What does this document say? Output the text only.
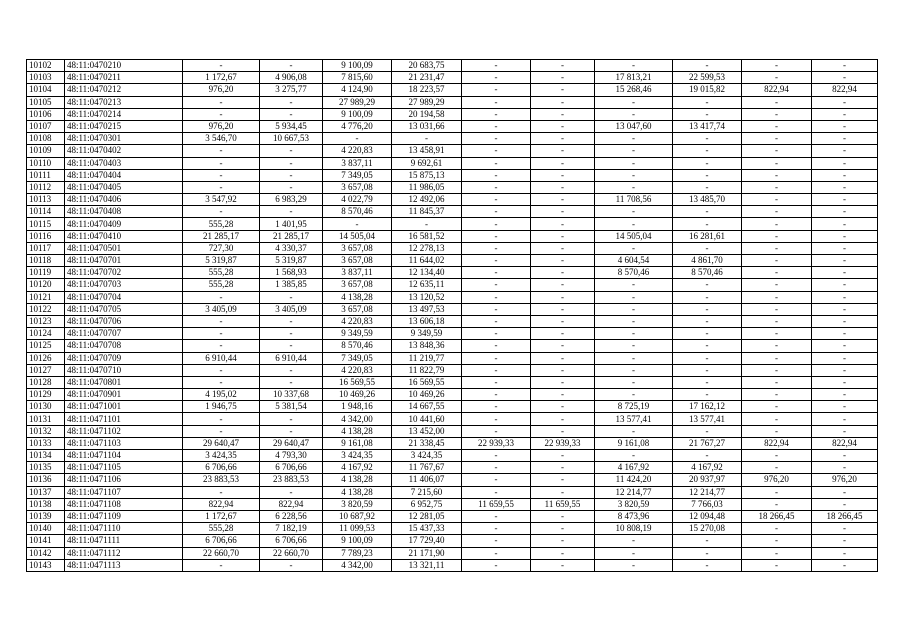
10102	48:11:0470210	-	-	9 100,09	20 683,75	-	-	-	-	-	-
10103	48:11:0470211	1 172,67	4 906,08	7 815,60	21 231,47	-	-	17 813,21	22 599,53	-	-
10104	48:11:0470212	976,20	3 275,77	4 124,90	18 223,57	-	-	15 268,46	19 015,82	822,94	822,94
10105	48:11:0470213	-	-	27 989,29	27 989,29	-	-	-	-	-	-
10106	48:11:0470214	-	-	9 100,09	20 194,58	-	-	-	-	-	-
10107	48:11:0470215	976,20	5 934,45	4 776,20	13 031,66	-	-	13 047,60	13 417,74	-	-
10108	48:11:0470301	3 546,70	10 667,53	-	-	-	-	-	-	-	-
10109	48:11:0470402	-	-	4 220,83	13 458,91	-	-	-	-	-	-
10110	48:11:0470403	-	-	3 837,11	9 692,61	-	-	-	-	-	-
10111	48:11:0470404	-	-	7 349,05	15 875,13	-	-	-	-	-	-
10112	48:11:0470405	-	-	3 657,08	11 986,05	-	-	-	-	-	-
10113	48:11:0470406	3 547,92	6 983,29	4 022,79	12 492,06	-	-	11 708,56	13 485,70	-	-
10114	48:11:0470408	-	-	8 570,46	11 845,37	-	-	-	-	-	-
10115	48:11:0470409	555,28	1 401,95	-	-	-	-	-	-	-	-
10116	48:11:0470410	21 285,17	21 285,17	14 505,04	16 581,52	-	-	14 505,04	16 281,61	-	-
10117	48:11:0470501	727,30	4 330,37	3 657,08	12 278,13	-	-	-	-	-	-
10118	48:11:0470701	5 319,87	5 319,87	3 657,08	11 644,02	-	-	4 604,54	4 861,70	-	-
10119	48:11:0470702	555,28	1 568,93	3 837,11	12 134,40	-	-	8 570,46	8 570,46	-	-
10120	48:11:0470703	555,28	1 385,85	3 657,08	12 635,11	-	-	-	-	-	-
10121	48:11:0470704	-	-	4 138,28	13 120,52	-	-	-	-	-	-
10122	48:11:0470705	3 405,09	3 405,09	3 657,08	13 497,53	-	-	-	-	-	-
10123	48:11:0470706	-	-	4 220,83	13 606,18	-	-	-	-	-	-
10124	48:11:0470707	-	-	9 349,59	9 349,59	-	-	-	-	-	-
10125	48:11:0470708	-	-	8 570,46	13 848,36	-	-	-	-	-	-
10126	48:11:0470709	6 910,44	6 910,44	7 349,05	11 219,77	-	-	-	-	-	-
10127	48:11:0470710	-	-	4 220,83	11 822,79	-	-	-	-	-	-
10128	48:11:0470801	-	-	16 569,55	16 569,55	-	-	-	-	-	-
10129	48:11:0470901	4 195,02	10 337,68	10 469,26	10 469,26	-	-	-	-	-	-
10130	48:11:0471001	1 946,75	5 381,54	1 948,16	14 667,55	-	-	8 725,19	17 162,12	-	-
10131	48:11:0471101	-	-	4 342,00	10 441,60	-	-	13 577,41	13 577,41	-	-
10132	48:11:0471102	-	-	4 138,28	13 452,00	-	-	-	-	-	-
10133	48:11:0471103	29 640,47	29 640,47	9 161,08	21 338,45	22 939,33	22 939,33	9 161,08	21 767,27	822,94	822,94
10134	48:11:0471104	3 424,35	4 793,30	3 424,35	3 424,35	-	-	-	-	-	-
10135	48:11:0471105	6 706,66	6 706,66	4 167,92	11 767,67	-	-	4 167,92	4 167,92	-	-
10136	48:11:0471106	23 883,53	23 883,53	4 138,28	11 406,07	-	-	11 424,20	20 937,97	976,20	976,20
10137	48:11:0471107	-	-	4 138,28	7 215,60	-	-	12 214,77	12 214,77	-	-
10138	48:11:0471108	822,94	822,94	3 820,59	6 952,75	11 659,55	11 659,55	3 820,59	7 766,03	-	-
10139	48:11:0471109	1 172,67	6 228,56	10 687,92	12 281,05	-	-	8 473,96	12 094,48	18 266,45	18 266,45
10140	48:11:0471110	555,28	7 182,19	11 099,53	15 437,33	-	-	10 808,19	15 270,08	-	-
10141	48:11:0471111	6 706,66	6 706,66	9 100,09	17 729,40	-	-	-	-	-	-
10142	48:11:0471112	22 660,70	22 660,70	7 789,23	21 171,90	-	-	-	-	-	-
10143	48:11:0471113	-	-	4 342,00	13 321,11	-	-	-	-	-	-
